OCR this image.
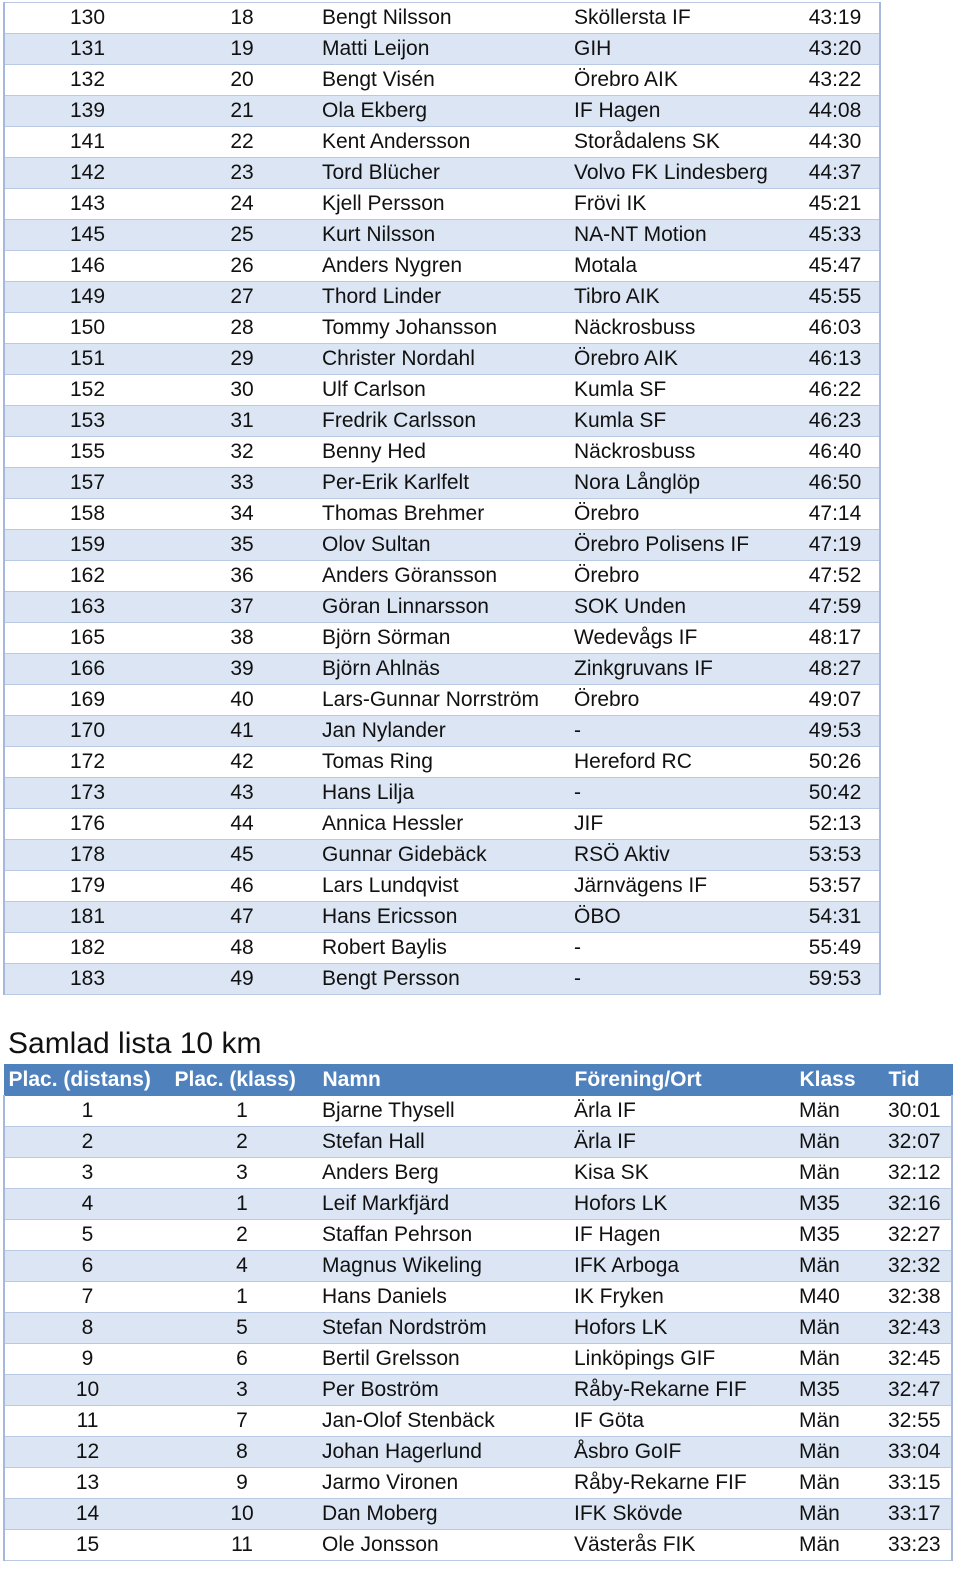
130	18	Bengt Nilsson	Sköllersta IF	43:19
131	19	Matti Leijon	GIH	43:20
132	20	Bengt Visén	Örebro AIK	43:22
139	21	Ola Ekberg	IF Hagen	44:08
141	22	Kent Andersson	Storådalens SK	44:30
142	23	Tord Blücher	Volvo FK Lindesberg	44:37
143	24	Kjell Persson	Frövi IK	45:21
145	25	Kurt Nilsson	NA-NT Motion	45:33
146	26	Anders Nygren	Motala	45:47
149	27	Thord Linder	Tibro AIK	45:55
150	28	Tommy Johansson	Näckrosbuss	46:03
151	29	Christer Nordahl	Örebro AIK	46:13
152	30	Ulf Carlson	Kumla SF	46:22
153	31	Fredrik Carlsson	Kumla SF	46:23
155	32	Benny Hed	Näckrosbuss	46:40
157	33	Per-Erik Karlfelt	Nora Långlöp	46:50
158	34	Thomas Brehmer	Örebro	47:14
159	35	Olov Sultan	Örebro Polisens IF	47:19
162	36	Anders Göransson	Örebro	47:52
163	37	Göran Linnarsson	SOK Unden	47:59
165	38	Björn Sörman	Wedevågs IF	48:17
166	39	Björn Ahlnäs	Zinkgruvans IF	48:27
169	40	Lars-Gunnar Norrström	Örebro	49:07
170	41	Jan Nylander	-	49:53
172	42	Tomas Ring	Hereford RC	50:26
173	43	Hans Lilja	-	50:42
176	44	Annica Hessler	JIF	52:13
178	45	Gunnar Gidebäck	RSÖ Aktiv	53:53
179	46	Lars Lundqvist	Järnvägens IF	53:57
181	47	Hans Ericsson	ÖBO	54:31
182	48	Robert Baylis	-	55:49
183	49	Bengt Persson	-	59:53
Samlad lista 10 km
Plac. (distans)	Plac. (klass)	Namn	Förening/Ort	Klass	Tid
1	1	Bjarne Thysell	Ärla IF	Män	30:01
2	2	Stefan Hall	Ärla IF	Män	32:07
3	3	Anders Berg	Kisa SK	Män	32:12
4	1	Leif Markfjärd	Hofors LK	M35	32:16
5	2	Staffan Pehrson	IF Hagen	M35	32:27
6	4	Magnus Wikeling	IFK Arboga	Män	32:32
7	1	Hans Daniels	IK Fryken	M40	32:38
8	5	Stefan Nordström	Hofors LK	Män	32:43
9	6	Bertil Grelsson	Linköpings GIF	Män	32:45
10	3	Per Boström	Råby-Rekarne FIF	M35	32:47
11	7	Jan-Olof Stenbäck	IF Göta	Män	32:55
12	8	Johan Hagerlund	Åsbro GoIF	Män	33:04
13	9	Jarmo Vironen	Råby-Rekarne FIF	Män	33:15
14	10	Dan Moberg	IFK Skövde	Män	33:17
15	11	Ole Jonsson	Västerås FIK	Män	33:23
